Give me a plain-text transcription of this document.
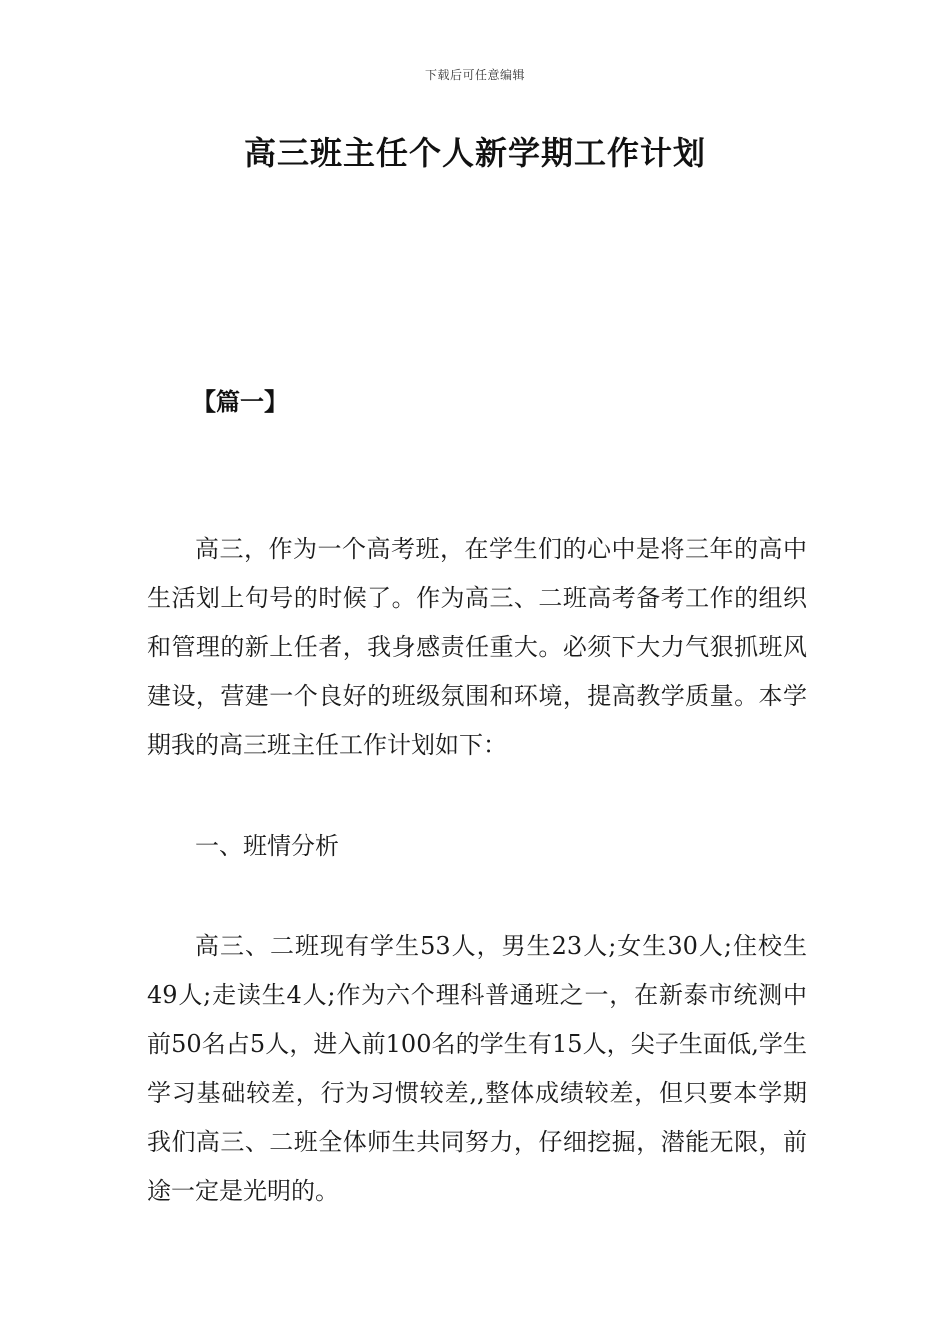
下载后可任意编辑
高三班主任个人新学期工作计划
【篇一】

高三，作为一个高考班，在学生们的心中是将三年的高中生活划上句号的时候了。作为高三、二班高考备考工作的组织和管理的新上任者，我身感责任重大。必须下大力气狠抓班风建设，营建一个良好的班级氛围和环境，提高教学质量。本学期我的高三班主任工作计划如下：

一、班情分析

高三、二班现有学生53人，男生23人;女生30人;住校生49人;走读生4人;作为六个理科普通班之一，在新泰市统测中前50名占5人，进入前100名的学生有15人，尖子生面低,学生学习基础较差，行为习惯较差,,整体成绩较差，但只要本学期我们高三、二班全体师生共同努力，仔细挖掘，潜能无限，前途一定是光明的。
